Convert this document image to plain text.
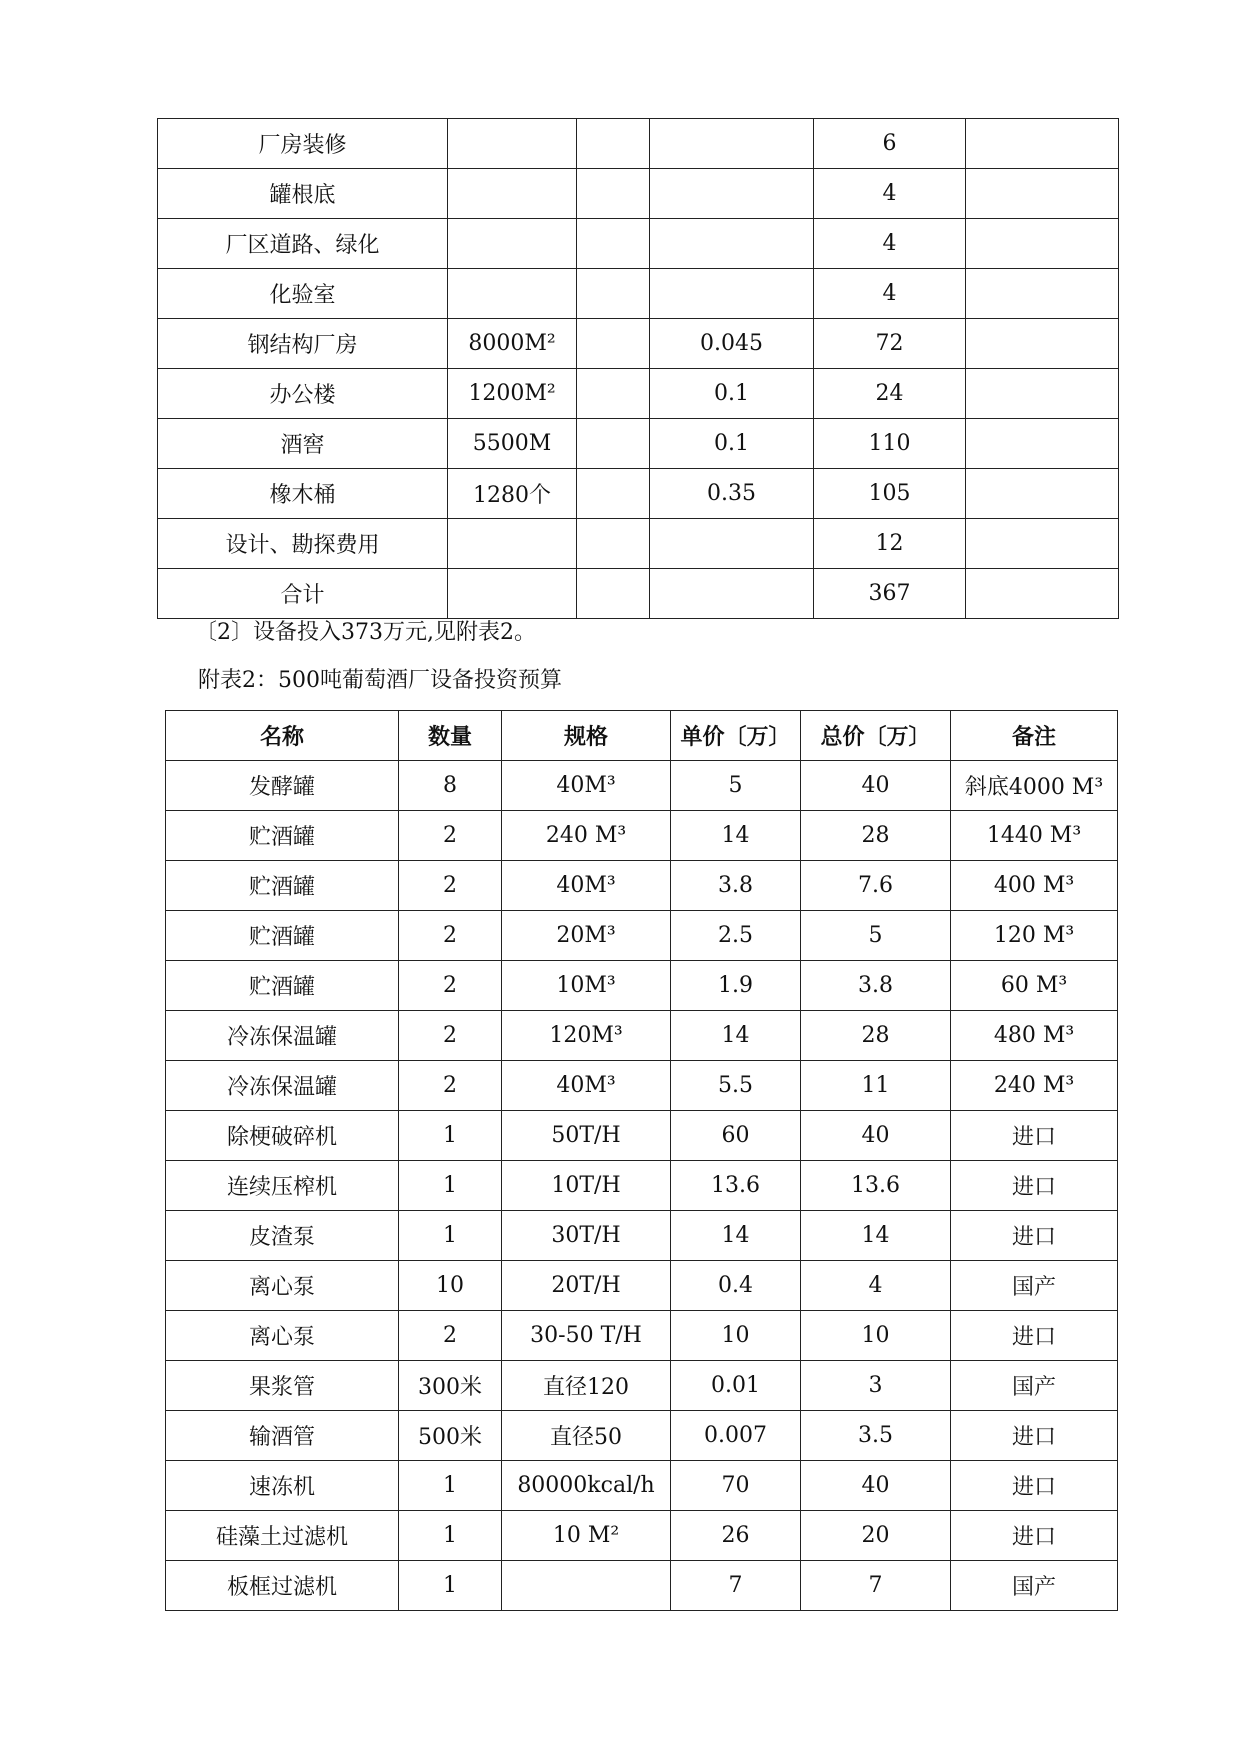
厂房装修				6	
罐根底				4	
厂区道路、绿化				4	
化验室				4	
钢结构厂房	8000M²		0.045	72	
办公楼	1200M²		0.1	24	
酒窖	5500M		0.1	110	
橡木桶	1280个		0.35	105	
设计、勘探费用				12	
合计				367	
〔2〕设备投入373万元,见附表2。
附表2：500吨葡萄酒厂设备投资预算
名称	数量	规格	单价〔万〕	总价〔万〕	备注
发酵罐	8	40M³	5	40	斜底4000 M³
贮酒罐	2	240 M³	14	28	1440 M³
贮酒罐	2	40M³	3.8	7.6	400 M³
贮酒罐	2	20M³	2.5	5	120 M³
贮酒罐	2	10M³	1.9	3.8	60 M³
冷冻保温罐	2	120M³	14	28	480 M³
冷冻保温罐	2	40M³	5.5	11	240 M³
除梗破碎机	1	50T/H	60	40	进口
连续压榨机	1	10T/H	13.6	13.6	进口
皮渣泵	1	30T/H	14	14	进口
离心泵	10	20T/H	0.4	4	国产
离心泵	2	30-50 T/H	10	10	进口
果浆管	300米	直径120	0.01	3	国产
输酒管	500米	直径50	0.007	3.5	进口
速冻机	1	80000kcal/h	70	40	进口
硅藻土过滤机	1	10 M²	26	20	进口
板框过滤机	1		7	7	国产
